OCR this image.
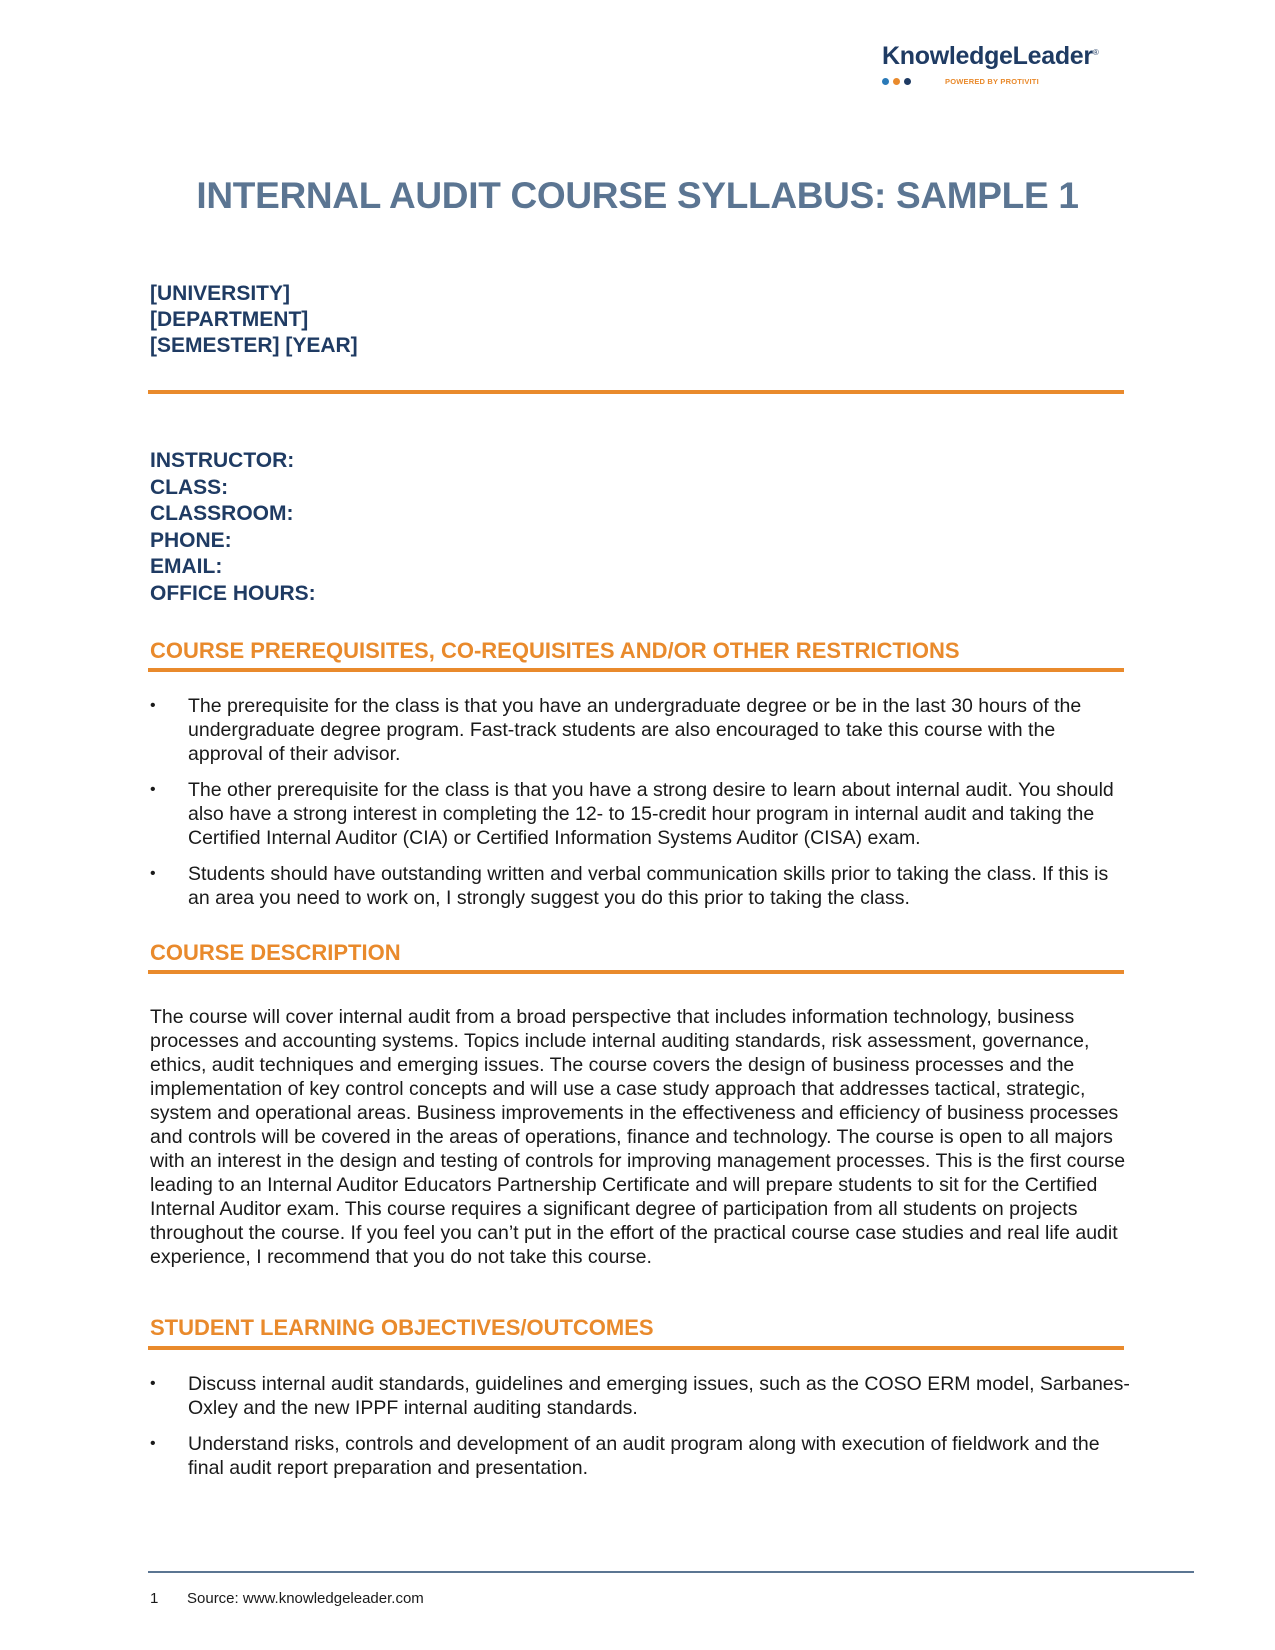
KnowledgeLeader®
POWERED BY PROTIVITI
INTERNAL AUDIT COURSE SYLLABUS: SAMPLE 1
[UNIVERSITY]
[DEPARTMENT]
[SEMESTER] [YEAR]
INSTRUCTOR:
CLASS:
CLASSROOM:
PHONE:
EMAIL:
OFFICE HOURS:
COURSE PREREQUISITES, CO-REQUISITES AND/OR OTHER RESTRICTIONS
• The prerequisite for the class is that you have an undergraduate degree or be in the last 30 hours of the undergraduate degree program. Fast-track students are also encouraged to take this course with the approval of their advisor.
• The other prerequisite for the class is that you have a strong desire to learn about internal audit. You should also have a strong interest in completing the 12- to 15-credit hour program in internal audit and taking the Certified Internal Auditor (CIA) or Certified Information Systems Auditor (CISA) exam.
• Students should have outstanding written and verbal communication skills prior to taking the class. If this is an area you need to work on, I strongly suggest you do this prior to taking the class.
COURSE DESCRIPTION

The course will cover internal audit from a broad perspective that includes information technology, business processes and accounting systems. Topics include internal auditing standards, risk assessment, governance, ethics, audit techniques and emerging issues. The course covers the design of business processes and the implementation of key control concepts and will use a case study approach that addresses tactical, strategic, system and operational areas. Business improvements in the effectiveness and efficiency of business processes and controls will be covered in the areas of operations, finance and technology. The course is open to all majors with an interest in the design and testing of controls for improving management processes. This is the first course leading to an Internal Auditor Educators Partnership Certificate and will prepare students to sit for the Certified Internal Auditor exam. This course requires a significant degree of participation from all students on projects throughout the course. If you feel you can’t put in the effort of the practical course case studies and real life audit experience, I recommend that you do not take this course.

STUDENT LEARNING OBJECTIVES/OUTCOMES
• Discuss internal audit standards, guidelines and emerging issues, such as the COSO ERM model, Sarbanes-Oxley and the new IPPF internal auditing standards.
• Understand risks, controls and development of an audit program along with execution of fieldwork and the final audit report preparation and presentation.
1 Source: www.knowledgeleader.com
